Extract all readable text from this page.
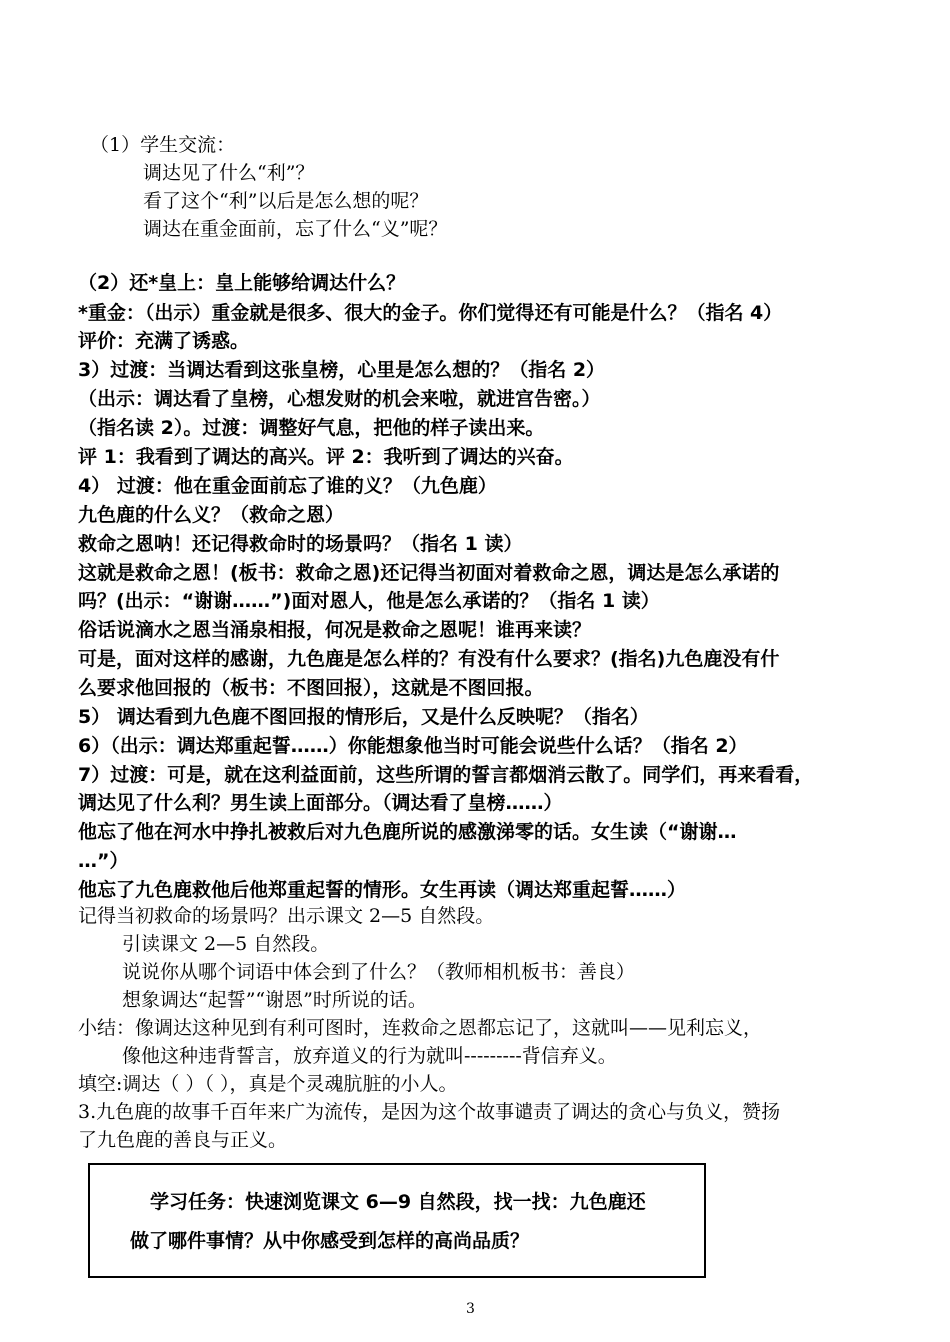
（1）学生交流：
调达见了什么“利”？
看了这个“利”以后是怎么想的呢？
调达在重金面前，忘了什么“义”呢？
（2）还*皇上：皇上能够给调达什么？
*重金：（出示）重金就是很多、很大的金子。你们觉得还有可能是什么？（指名 4）
评价：充满了诱惑。
3）过渡：当调达看到这张皇榜，心里是怎么想的？（指名 2）
（出示：调达看了皇榜，心想发财的机会来啦，就进宫告密。）
（指名读 2）。过渡：调整好气息，把他的样子读出来。
评 1：我看到了调达的高兴。评 2：我听到了调达的兴奋。
4） 过渡：他在重金面前忘了谁的义？（九色鹿）
九色鹿的什么义？（救命之恩）
救命之恩呐！还记得救命时的场景吗？（指名 1 读）
这就是救命之恩！(板书：救命之恩)还记得当初面对着救命之恩，调达是怎么承诺的
吗？(出示：“谢谢……”)面对恩人，他是怎么承诺的？（指名 1 读）
俗话说滴水之恩当涌泉相报，何况是救命之恩呢！谁再来读？
可是，面对这样的感谢，九色鹿是怎么样的？有没有什么要求？(指名)九色鹿没有什
么要求他回报的（板书：不图回报），这就是不图回报。
5） 调达看到九色鹿不图回报的情形后，又是什么反映呢？（指名）
6）（出示：调达郑重起誓……）你能想象他当时可能会说些什么话？（指名 2）
7）过渡：可是，就在这利益面前，这些所谓的誓言都烟消云散了。同学们，再来看看，
调达见了什么利？男生读上面部分。（调达看了皇榜……）
他忘了他在河水中挣扎被救后对九色鹿所说的感激涕零的话。女生读（“谢谢…
…”）
他忘了九色鹿救他后他郑重起誓的情形。女生再读（调达郑重起誓……）
记得当初救命的场景吗？出示课文 2—5 自然段。
引读课文 2—5 自然段。
说说你从哪个词语中体会到了什么？（教师相机板书：善良）
想象调达“起誓”“谢恩”时所说的话。
小结：像调达这种见到有利可图时，连救命之恩都忘记了，这就叫——见利忘义，
像他这种违背誓言，放弃道义的行为就叫---------背信弃义。
填空:调达（ ）（ ），真是个灵魂肮脏的小人。
3.九色鹿的故事千百年来广为流传，是因为这个故事谴责了调达的贪心与负义，赞扬
了九色鹿的善良与正义。
学习任务：快速浏览课文 6—9 自然段，找一找：九色鹿还
做了哪件事情？从中你感受到怎样的高尚品质？
3
